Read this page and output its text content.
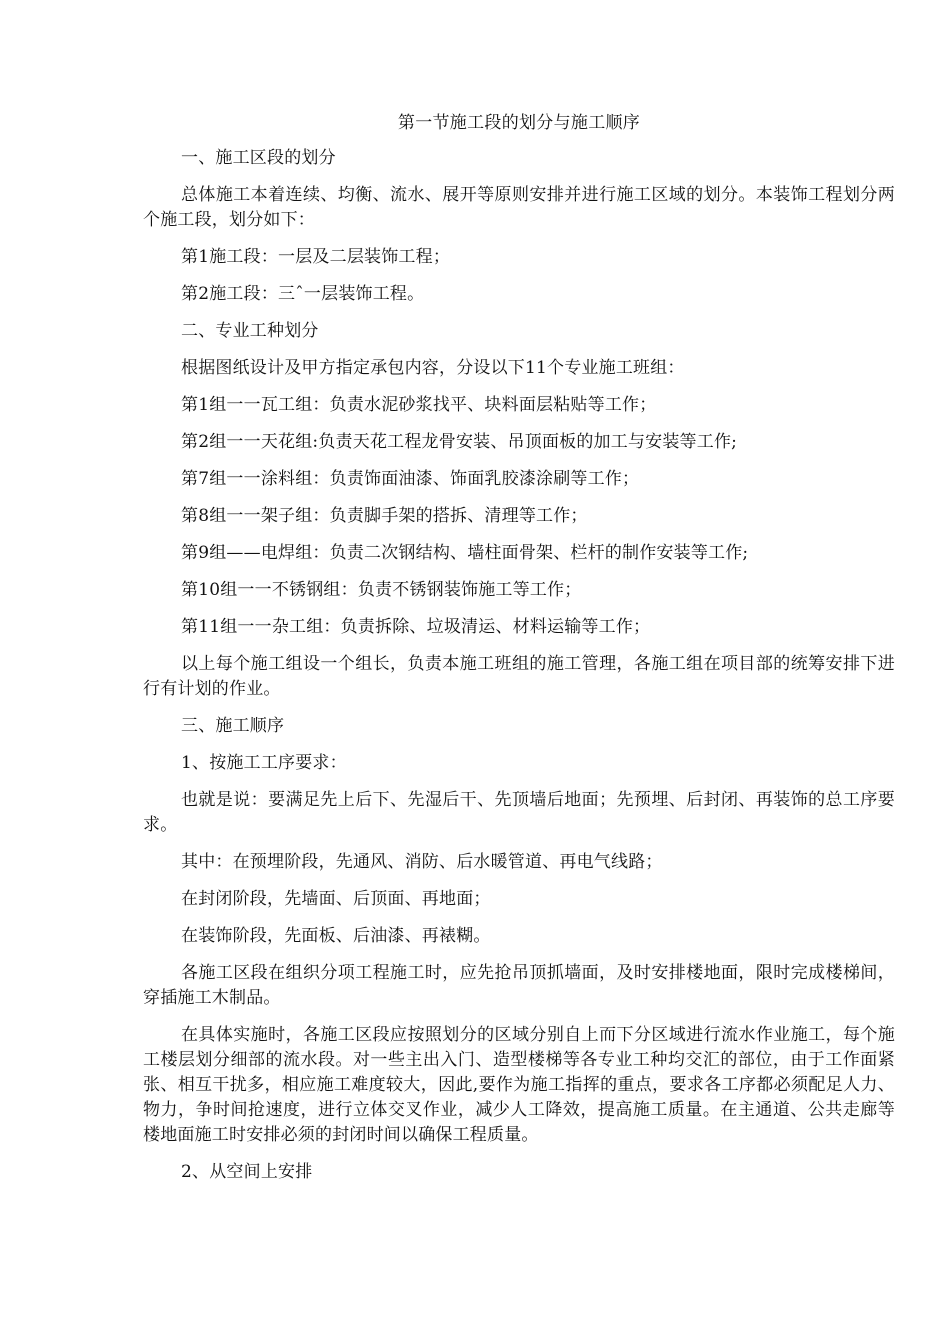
第一节施工段的划分与施工顺序

一、施工区段的划分

总体施工本着连续、均衡、流水、展开等原则安排并进行施工区域的划分。本装饰工程划分两个施工段，划分如下：

第1施工段：一层及二层装饰工程；

第2施工段：三ˆ一层装饰工程。

二、专业工种划分

根据图纸设计及甲方指定承包内容，分设以下11个专业施工班组：

第1组一一瓦工组：负责水泥砂浆找平、块料面层粘贴等工作；

第2组一一天花组:负责天花工程龙骨安装、吊顶面板的加工与安装等工作;

第7组一一涂料组：负责饰面油漆、饰面乳胶漆涂刷等工作；

第8组一一架子组：负责脚手架的搭拆、清理等工作；

第9组——电焊组：负责二次钢结构、墙柱面骨架、栏杆的制作安装等工作;

第10组一一不锈钢组：负责不锈钢装饰施工等工作；

第11组一一杂工组：负责拆除、垃圾清运、材料运输等工作；

以上每个施工组设一个组长，负责本施工班组的施工管理，各施工组在项目部的统筹安排下进行有计划的作业。

三、施工顺序

1、按施工工序要求：

也就是说：要满足先上后下、先湿后干、先顶墙后地面；先预埋、后封闭、再装饰的总工序要求。

其中：在预埋阶段，先通风、消防、后水暖管道、再电气线路；

在封闭阶段，先墙面、后顶面、再地面；

在装饰阶段，先面板、后油漆、再裱糊。

各施工区段在组织分项工程施工时，应先抢吊顶抓墙面，及时安排楼地面，限时完成楼梯间，穿插施工木制品。

在具体实施时，各施工区段应按照划分的区域分别自上而下分区域进行流水作业施工，每个施工楼层划分细部的流水段。对一些主出入门、造型楼梯等各专业工种均交汇的部位，由于工作面紧张、相互干扰多，相应施工难度较大，因此,要作为施工指挥的重点，要求各工序都必须配足人力、物力，争时间抢速度，进行立体交叉作业，减少人工降效，提高施工质量。在主通道、公共走廊等楼地面施工时安排必须的封闭时间以确保工程质量。

2、从空间上安排
